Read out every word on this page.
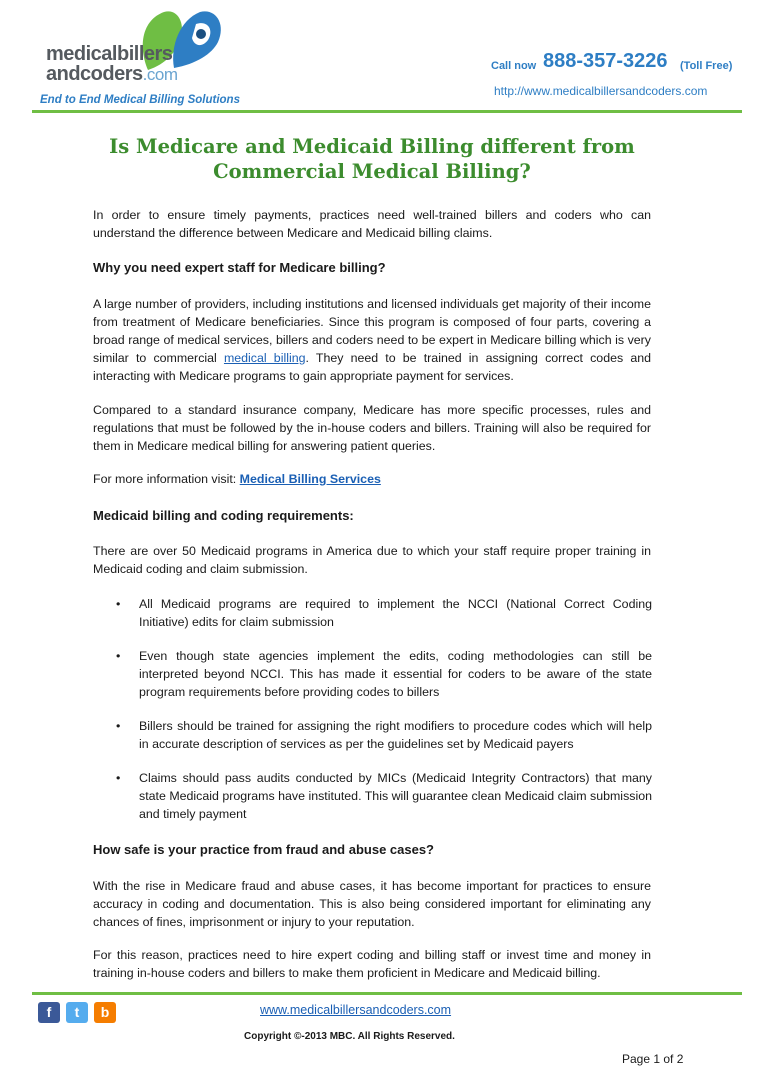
medicalbillers
andcoders.com
End to End Medical Billing Solutions
Call now 888-357-3226 (Toll Free)
http://www.medicalbillersandcoders.com
Is Medicare and Medicaid Billing different from Commercial Medical Billing?
In order to ensure timely payments, practices need well-trained billers and coders who can understand the difference between Medicare and Medicaid billing claims.
Why you need expert staff for Medicare billing?
A large number of providers, including institutions and licensed individuals get majority of their income from treatment of Medicare beneficiaries. Since this program is composed of four parts, covering a broad range of medical services, billers and coders need to be expert in Medicare billing which is very similar to commercial medical billing. They need to be trained in assigning correct codes and interacting with Medicare programs to gain appropriate payment for services.
Compared to a standard insurance company, Medicare has more specific processes, rules and regulations that must be followed by the in-house coders and billers. Training will also be required for them in Medicare medical billing for answering patient queries.
For more information visit: Medical Billing Services
Medicaid billing and coding requirements:
There are over 50 Medicaid programs in America due to which your staff require proper training in Medicaid coding and claim submission.
•	All Medicaid programs are required to implement the NCCI (National Correct Coding Initiative) edits for claim submission
•	Even though state agencies implement the edits, coding methodologies can still be interpreted beyond NCCI. This has made it essential for coders to be aware of the state program requirements before providing codes to billers
•	Billers should be trained for assigning the right modifiers to procedure codes which will help in accurate description of services as per the guidelines set by Medicaid payers
•	Claims should pass audits conducted by MICs (Medicaid Integrity Contractors) that many state Medicaid programs have instituted. This will guarantee clean Medicaid claim submission and timely payment
How safe is your practice from fraud and abuse cases?
With the rise in Medicare fraud and abuse cases, it has become important for practices to ensure accuracy in coding and documentation. This is also being considered important for eliminating any chances of fines, imprisonment or injury to your reputation.
For this reason, practices need to hire expert coding and billing staff or invest time and money in training in-house coders and billers to make them proficient in Medicare and Medicaid billing.
f	t	b	www.medicalbillersandcoders.com
Copyright ©-2013 MBC. All Rights Reserved.
Page 1 of 2
